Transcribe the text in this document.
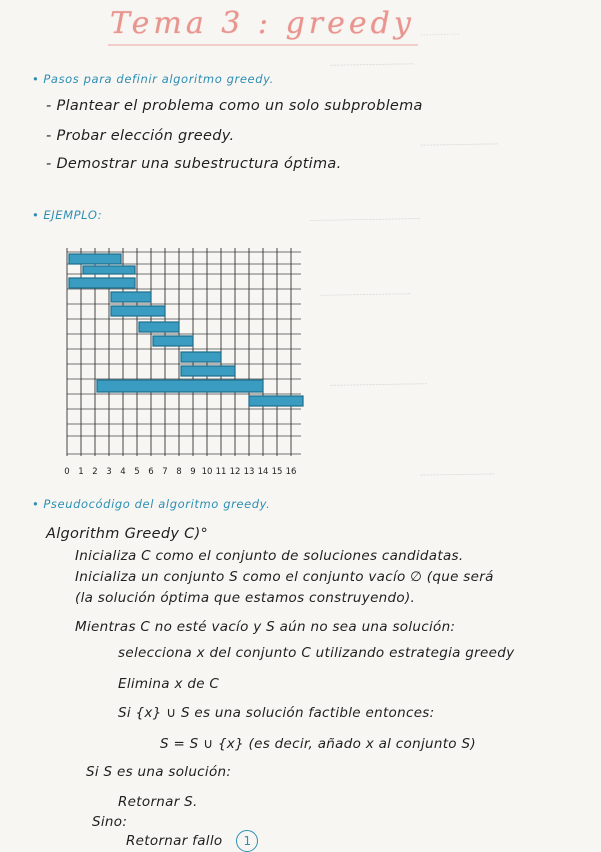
..............
--------------------------
------------------------
----------------------------------
----------------------------
------------------------------
-----------------------
Tema 3 : greedy
• Pasos para definir algoritmo greedy.
- Plantear el problema como un solo subproblema
- Probar elección greedy.
- Demostrar una subestructura óptima.
• EJEMPLO:
0 1 2 3 4 5 6 7 8 9 10 11 12 13 14 15 16
• Pseudocódigo del algoritmo greedy.
Algorithm Greedy C)°
Inicializa C como el conjunto de soluciones candidatas.
Inicializa un conjunto S como el conjunto vacío ∅ (que será
(la solución óptima que estamos construyendo).
Mientras C no esté vacío y S aún no sea una solución:
selecciona x del conjunto C utilizando estrategia greedy
Elimina x de C
Si {x} ∪ S es una solución factible entonces:
S = S ∪ {x} (es decir, añado x al conjunto S)
Si S es una solución:
Retornar S.
Sino:
Retornar fallo 1
